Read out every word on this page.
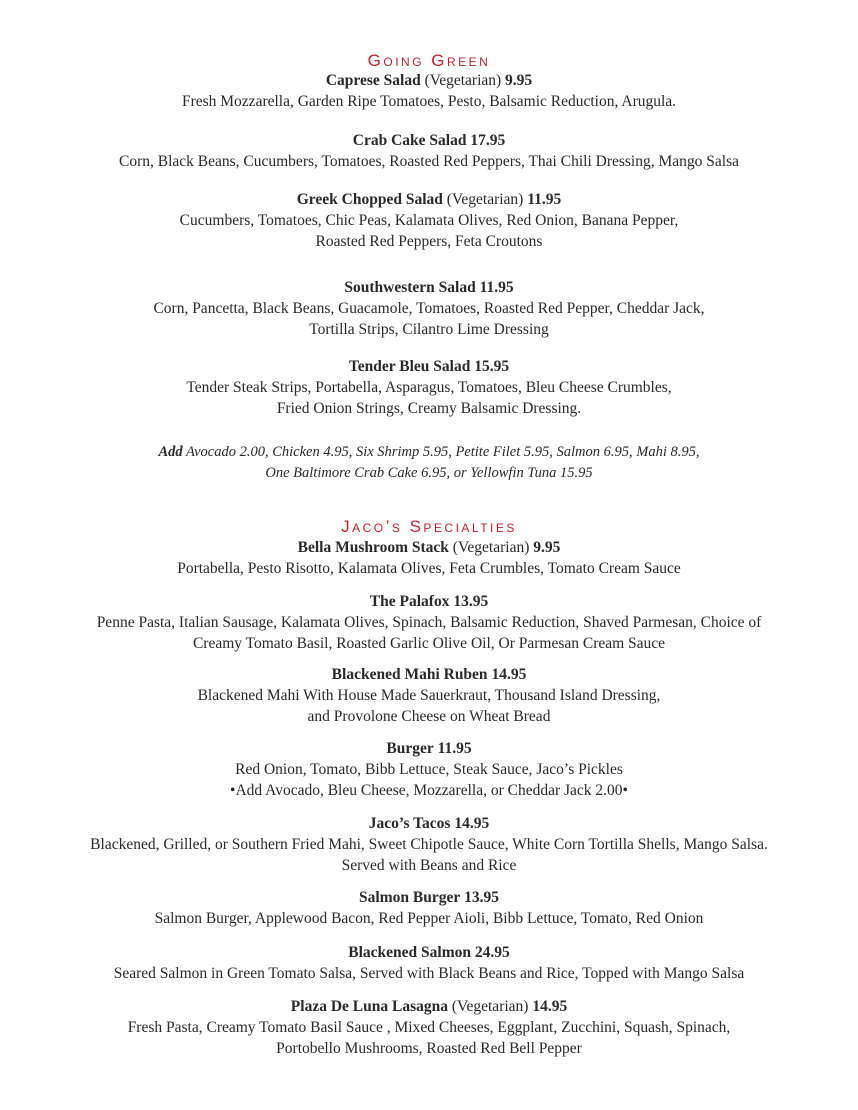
Going Green

Caprese Salad (Vegetarian) 9.95

Fresh Mozzarella, Garden Ripe Tomatoes, Pesto, Balsamic Reduction, Arugula.

Crab Cake Salad 17.95

Corn, Black Beans, Cucumbers, Tomatoes, Roasted Red Peppers, Thai Chili Dressing, Mango Salsa

Greek Chopped Salad (Vegetarian) 11.95

Cucumbers, Tomatoes, Chic Peas, Kalamata Olives, Red Onion, Banana Pepper,
Roasted Red Peppers, Feta Croutons

Southwestern Salad 11.95

Corn, Pancetta, Black Beans, Guacamole, Tomatoes, Roasted Red Pepper, Cheddar Jack,
Tortilla Strips, Cilantro Lime Dressing

Tender Bleu Salad 15.95

Tender Steak Strips, Portabella, Asparagus, Tomatoes, Bleu Cheese Crumbles,
Fried Onion Strings, Creamy Balsamic Dressing.

Add Avocado 2.00, Chicken 4.95, Six Shrimp 5.95, Petite Filet 5.95, Salmon 6.95, Mahi 8.95,
One Baltimore Crab Cake 6.95, or Yellowfin Tuna 15.95

Jaco’s Specialties

Bella Mushroom Stack (Vegetarian) 9.95

Portabella, Pesto Risotto, Kalamata Olives, Feta Crumbles, Tomato Cream Sauce

The Palafox 13.95

Penne Pasta, Italian Sausage, Kalamata Olives, Spinach, Balsamic Reduction, Shaved Parmesan, Choice of
Creamy Tomato Basil, Roasted Garlic Olive Oil, Or Parmesan Cream Sauce

Blackened Mahi Ruben 14.95

Blackened Mahi With House Made Sauerkraut, Thousand Island Dressing,
and Provolone Cheese on Wheat Bread

Burger 11.95

Red Onion, Tomato, Bibb Lettuce, Steak Sauce, Jaco’s Pickles
•Add Avocado, Bleu Cheese, Mozzarella, or Cheddar Jack 2.00•

Jaco’s Tacos 14.95

Blackened, Grilled, or Southern Fried Mahi, Sweet Chipotle Sauce, White Corn Tortilla Shells, Mango Salsa.
Served with Beans and Rice

Salmon Burger 13.95

Salmon Burger, Applewood Bacon, Red Pepper Aioli, Bibb Lettuce, Tomato, Red Onion

Blackened Salmon 24.95

Seared Salmon in Green Tomato Salsa, Served with Black Beans and Rice, Topped with Mango Salsa

Plaza De Luna Lasagna (Vegetarian) 14.95

Fresh Pasta, Creamy Tomato Basil Sauce , Mixed Cheeses, Eggplant, Zucchini, Squash, Spinach,
Portobello Mushrooms, Roasted Red Bell Pepper
